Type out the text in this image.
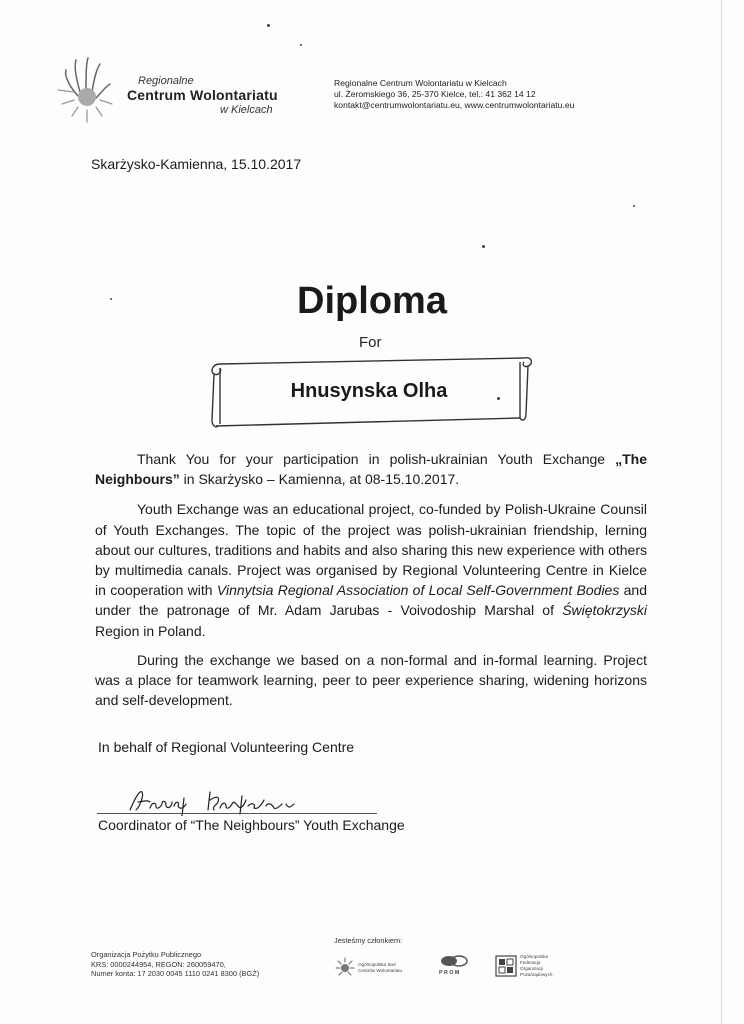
Regionalne
Centrum Wolontariatu
w Kielcach
Regionalne Centrum Wolontariatu w Kielcach
ul. Żeromskiego 36, 25-370 Kielce, tel.: 41 362 14 12
kontakt@centrumwolontariatu.eu, www.centrumwolontariatu.eu
Skarżysko-Kamienna, 15.10.2017
Diploma
For
Hnusynska Olha

Thank You for your participation in polish-ukrainian Youth Exchange „The Neighbours” in Skarżysko – Kamienna, at 08-15.10.2017.

Youth Exchange was an educational project, co-funded by Polish-Ukraine Counsil of Youth Exchanges. The topic of the project was polish-ukrainian friendship, lerning about our cultures, traditions and habits and also sharing this new experience with others by multimedia canals. Project was organised by Regional Volunteering Centre in Kielce in cooperation with Vinnytsia Regional Association of Local Self-Government Bodies and under the patronage of Mr. Adam Jarubas - Voivodoship Marshal of Świętokrzyski Region in Poland.

During the exchange we based on a non-formal and in-formal learning. Project was a place for teamwork learning, peer to peer experience sharing, widening horizons and self-development.

In behalf of Regional Volunteering Centre
Coordinator of “The Neighbours” Youth Exchange
Organizacja Pożytku Publicznego
KRS: 0000244954, REGON: 260059470,
Numer konta: 17 2030 0045 1110 0241 8300 (BGŻ)
Jesteśmy członkiem:
Ogólnopolska Sieć
Centrów Wolontariatu	PROM
Ogólnopolska
Federacja
Organizacji
Pozarządowych
